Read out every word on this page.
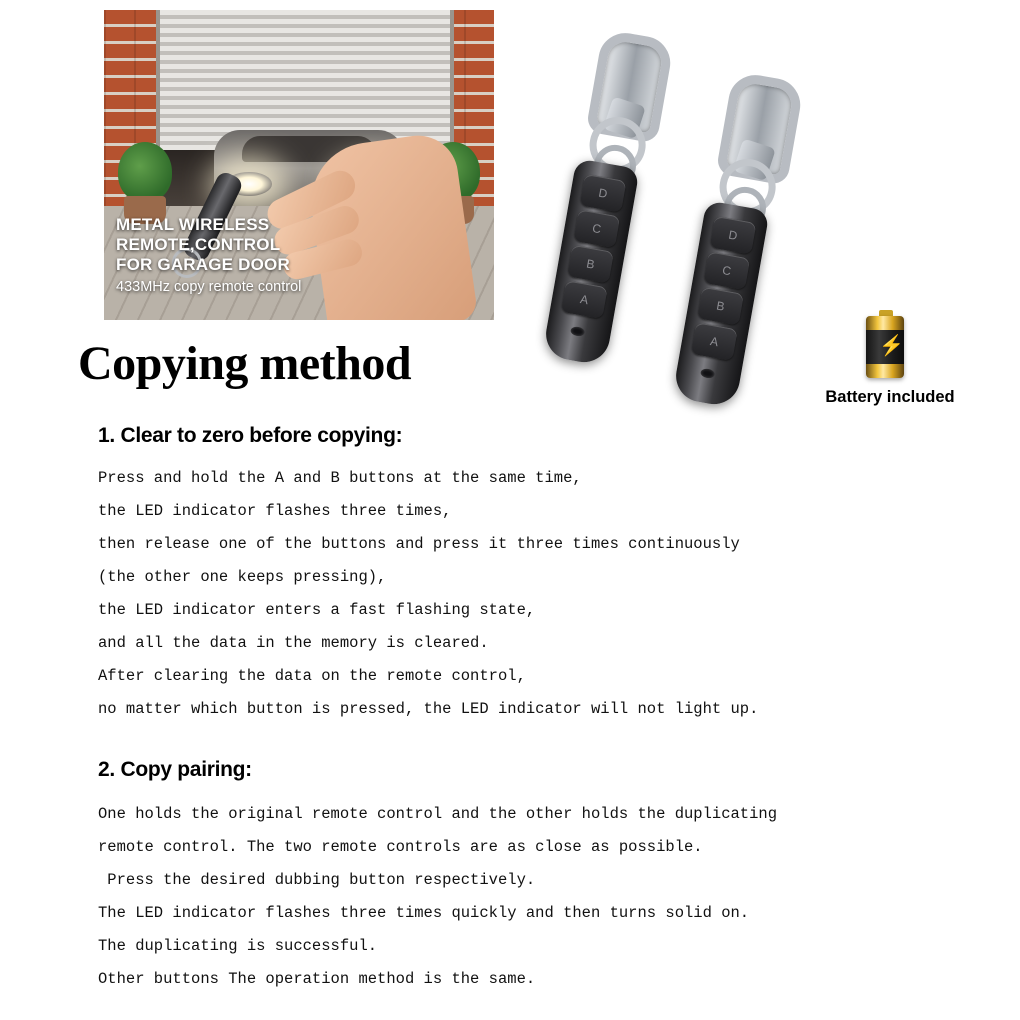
METAL WIRELESS
REMOTE,CONTROL
FOR GARAGE DOOR
433MHz copy remote control
D
C
B
A
D
C
B
A	⚡
Battery included
Copying method
1. Clear to zero before copying:
Press and hold the A and B buttons at the same time,
the LED indicator flashes three times,
then release one of the buttons and press it three times continuously
(the other one keeps pressing),
the LED indicator enters a fast flashing state,
and all the data in the memory is cleared.
After clearing the data on the remote control,
no matter which button is pressed, the LED indicator will not light up.
2. Copy pairing:
One holds the original remote control and the other holds the duplicating
remote control. The two remote controls are as close as possible.
Press the desired dubbing button respectively.
The LED indicator flashes three times quickly and then turns solid on.
The duplicating is successful.
Other buttons The operation method is the same.
